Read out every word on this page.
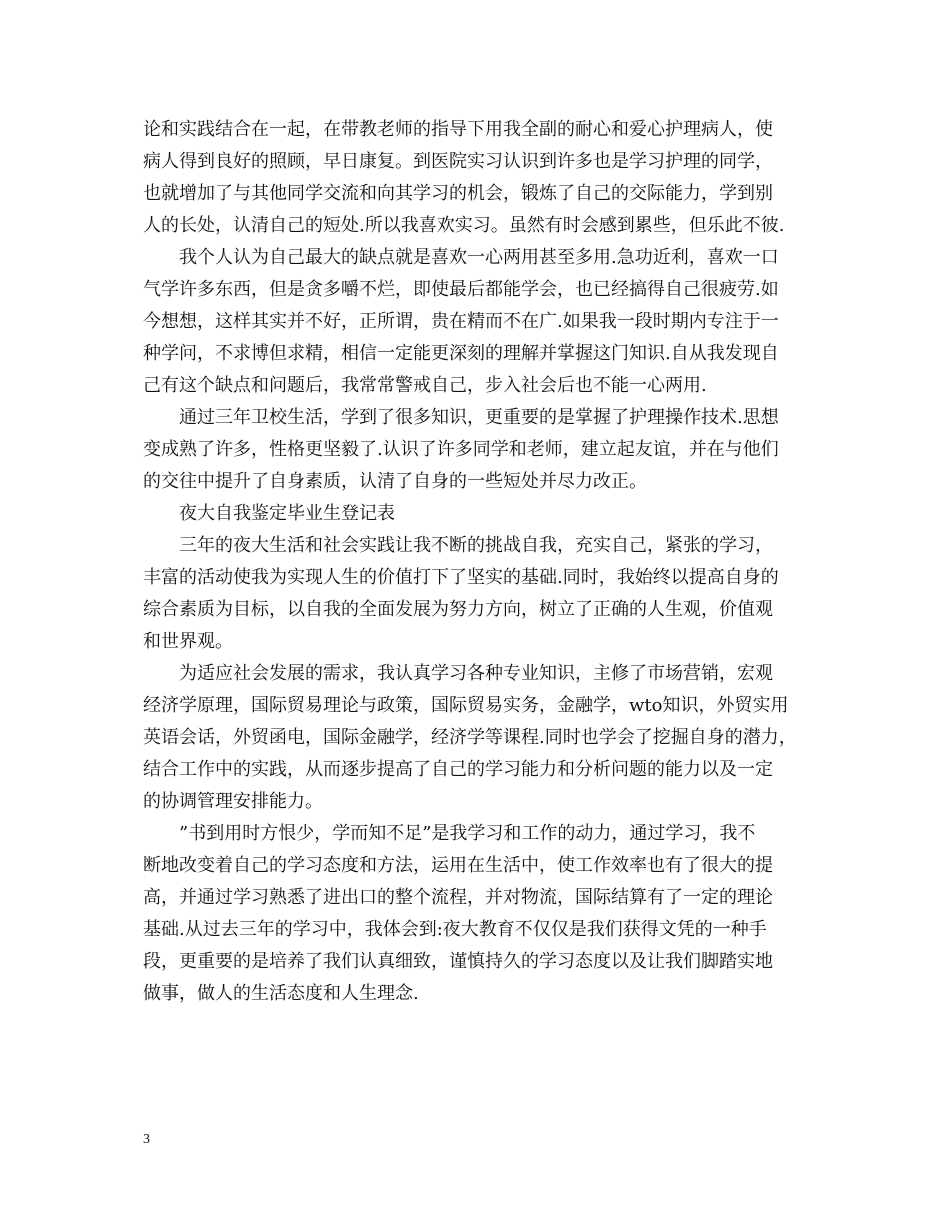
论和实践结合在一起，在带教老师的指导下用我全副的耐心和爱心护理病人，使
病人得到良好的照顾，早日康复。到医院实习认识到许多也是学习护理的同学，
也就增加了与其他同学交流和向其学习的机会，锻炼了自己的交际能力，学到别
人的长处，认清自己的短处.所以我喜欢实习。虽然有时会感到累些，但乐此不彼.
我个人认为自己最大的缺点就是喜欢一心两用甚至多用.急功近利，喜欢一口
气学许多东西，但是贪多嚼不烂，即使最后都能学会，也已经搞得自己很疲劳.如
今想想，这样其实并不好，正所谓，贵在精而不在广.如果我一段时期内专注于一
种学问，不求博但求精，相信一定能更深刻的理解并掌握这门知识.自从我发现自
己有这个缺点和问题后，我常常警戒自己，步入社会后也不能一心两用.
通过三年卫校生活，学到了很多知识，更重要的是掌握了护理操作技术.思想
变成熟了许多，性格更坚毅了.认识了许多同学和老师，建立起友谊，并在与他们
的交往中提升了自身素质，认清了自身的一些短处并尽力改正。
夜大自我鉴定毕业生登记表
三年的夜大生活和社会实践让我不断的挑战自我，充实自己，紧张的学习，
丰富的活动使我为实现人生的价值打下了坚实的基础.同时，我始终以提高自身的
综合素质为目标，以自我的全面发展为努力方向，树立了正确的人生观，价值观
和世界观。
为适应社会发展的需求，我认真学习各种专业知识，主修了市场营销，宏观
经济学原理，国际贸易理论与政策，国际贸易实务，金融学，wto知识，外贸实用
英语会话，外贸函电，国际金融学，经济学等课程.同时也学会了挖掘自身的潜力，
结合工作中的实践，从而逐步提高了自己的学习能力和分析问题的能力以及一定
的协调管理安排能力。
”书到用时方恨少，学而知不足”是我学习和工作的动力，通过学习，我不
断地改变着自己的学习态度和方法，运用在生活中，使工作效率也有了很大的提
高，并通过学习熟悉了进出口的整个流程，并对物流，国际结算有了一定的理论
基础.从过去三年的学习中，我体会到:夜大教育不仅仅是我们获得文凭的一种手
段，更重要的是培养了我们认真细致，谨慎持久的学习态度以及让我们脚踏实地
做事，做人的生活态度和人生理念.
3
